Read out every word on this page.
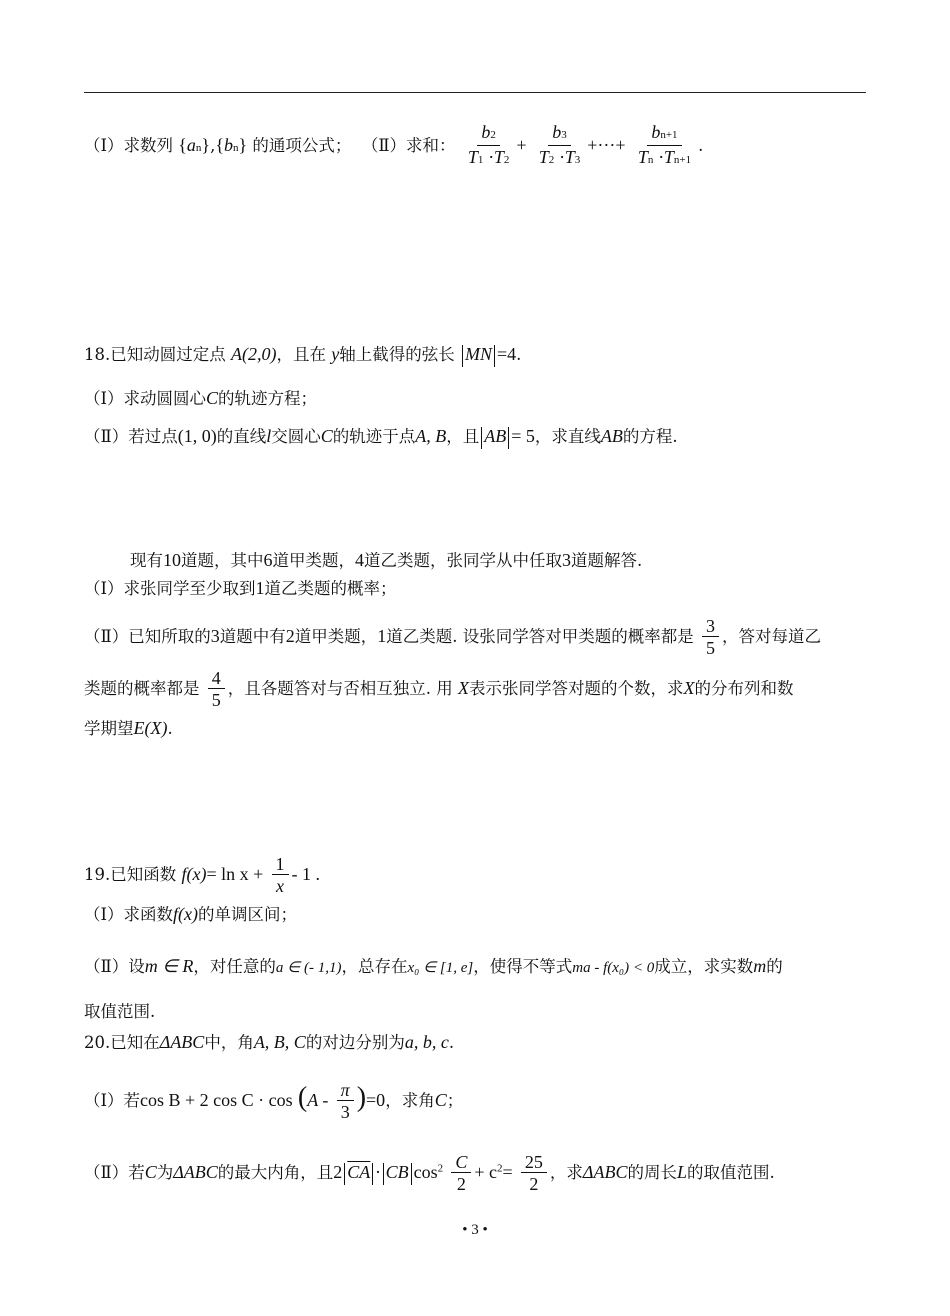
（Ⅰ）求数列 {an},{bn} 的通项公式； （Ⅱ）求和： $\frac{b2}{T1 \cdot T2} + \frac{b3}{T2 \cdot T3}$ +···+ $\frac{bn+1}{Tn \cdot Tn+1}$ .
18.已知动圆过定点 A(2,0)，且在 y轴上截得的弦长 MN =4.
（Ⅰ）求动圆圆心C的轨迹方程；
（Ⅱ）若过点(1, 0)的直线l交圆心C的轨迹于点A, B，且 AB = 5，求直线AB的方程.
现有10道题，其中6道甲类题，4道乙类题，张同学从中任取3道题解答.
（Ⅰ）求张同学至少取到1道乙类题的概率；
（Ⅱ）已知所取的3道题中有2道甲类题，1道乙类题. 设张同学答对甲类题的概率都是 $\frac{3}{5}$ ，答对每道乙
类题的概率都是 $\frac{4}{5}$ ，且各题答对与否相互独立. 用 X表示张同学答对题的个数，求X的分布列和数
学期望E(X).
19.已知函数 $f(x)= \ln x + \frac{1}{x} - 1$ .
（Ⅰ）求函数f(x)的单调区间；
（Ⅱ）设m ∈ R，对任意的a ∈ (- 1,1)，总存在x₀ ∈ [1, e]，使得不等式ma - f(x₀) < 0成立，求实数m的
取值范围.
20.已知在ΔABC中，角A, B, C的对边分别为a, b, c.
（Ⅰ）若cos B + 2 $\cos C \cdot \cos (A - \frac{\pi}{3} )=0$，求角C；
（Ⅱ）若C为ΔABC的最大内角，且2 $\overline{CA}$ · CB $\cos^2 \frac{C}{2} + c^2= \frac{25}{2}$ ，求ΔABC的周长L的取值范围.
• 3 •
